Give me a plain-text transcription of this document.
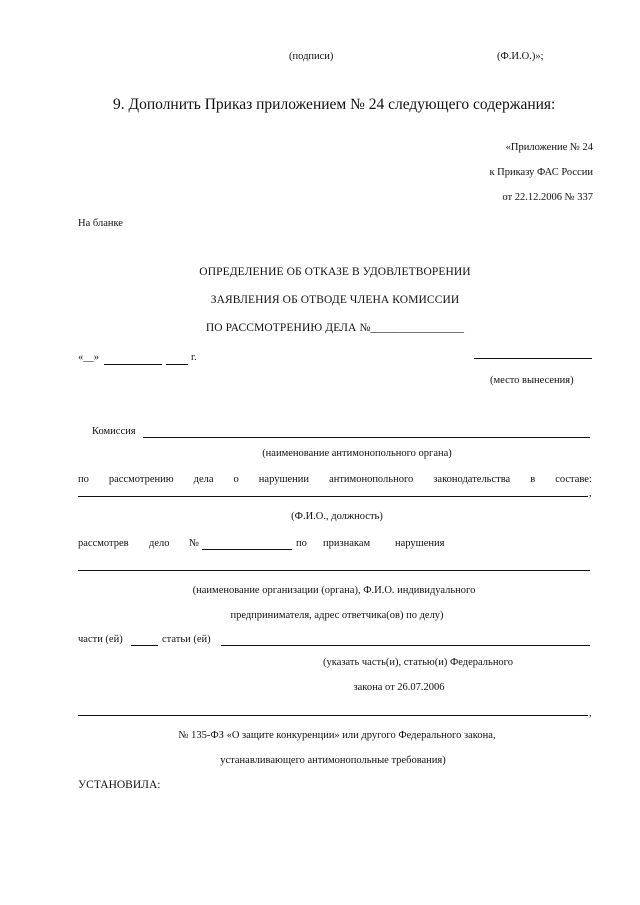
(подписи)	(Ф.И.О.)»;
9. Дополнить Приказ приложением № 24 следующего содержания:
«Приложение № 24
к Приказу ФАС России
от 22.12.2006 № 337
На бланке
ОПРЕДЕЛЕНИЕ ОБ ОТКАЗЕ В УДОВЛЕТВОРЕНИИ
ЗАЯВЛЕНИЯ ОБ ОТВОДЕ ЧЛЕНА КОМИССИИ
ПО РАССМОТРЕНИЮ ДЕЛА №________________
«__»	г.
(место вынесения)
Комиссия
(наименование антимонопольного органа)
по рассмотрению дела о нарушении антимонопольного законодательства в составе:
,
(Ф.И.О., должность)
рассмотрев дело №	по признакам нарушения
(наименование организации (органа), Ф.И.О. индивидуального
предпринимателя, адрес ответчика(ов) по делу)
части (ей)	статьи (ей)
(указать часть(и), статью(и) Федерального
закона от 26.07.2006
,
№ 135-ФЗ «О защите конкуренции» или другого Федерального закона,
устанавливающего антимонопольные требования)
УСТАНОВИЛА:
